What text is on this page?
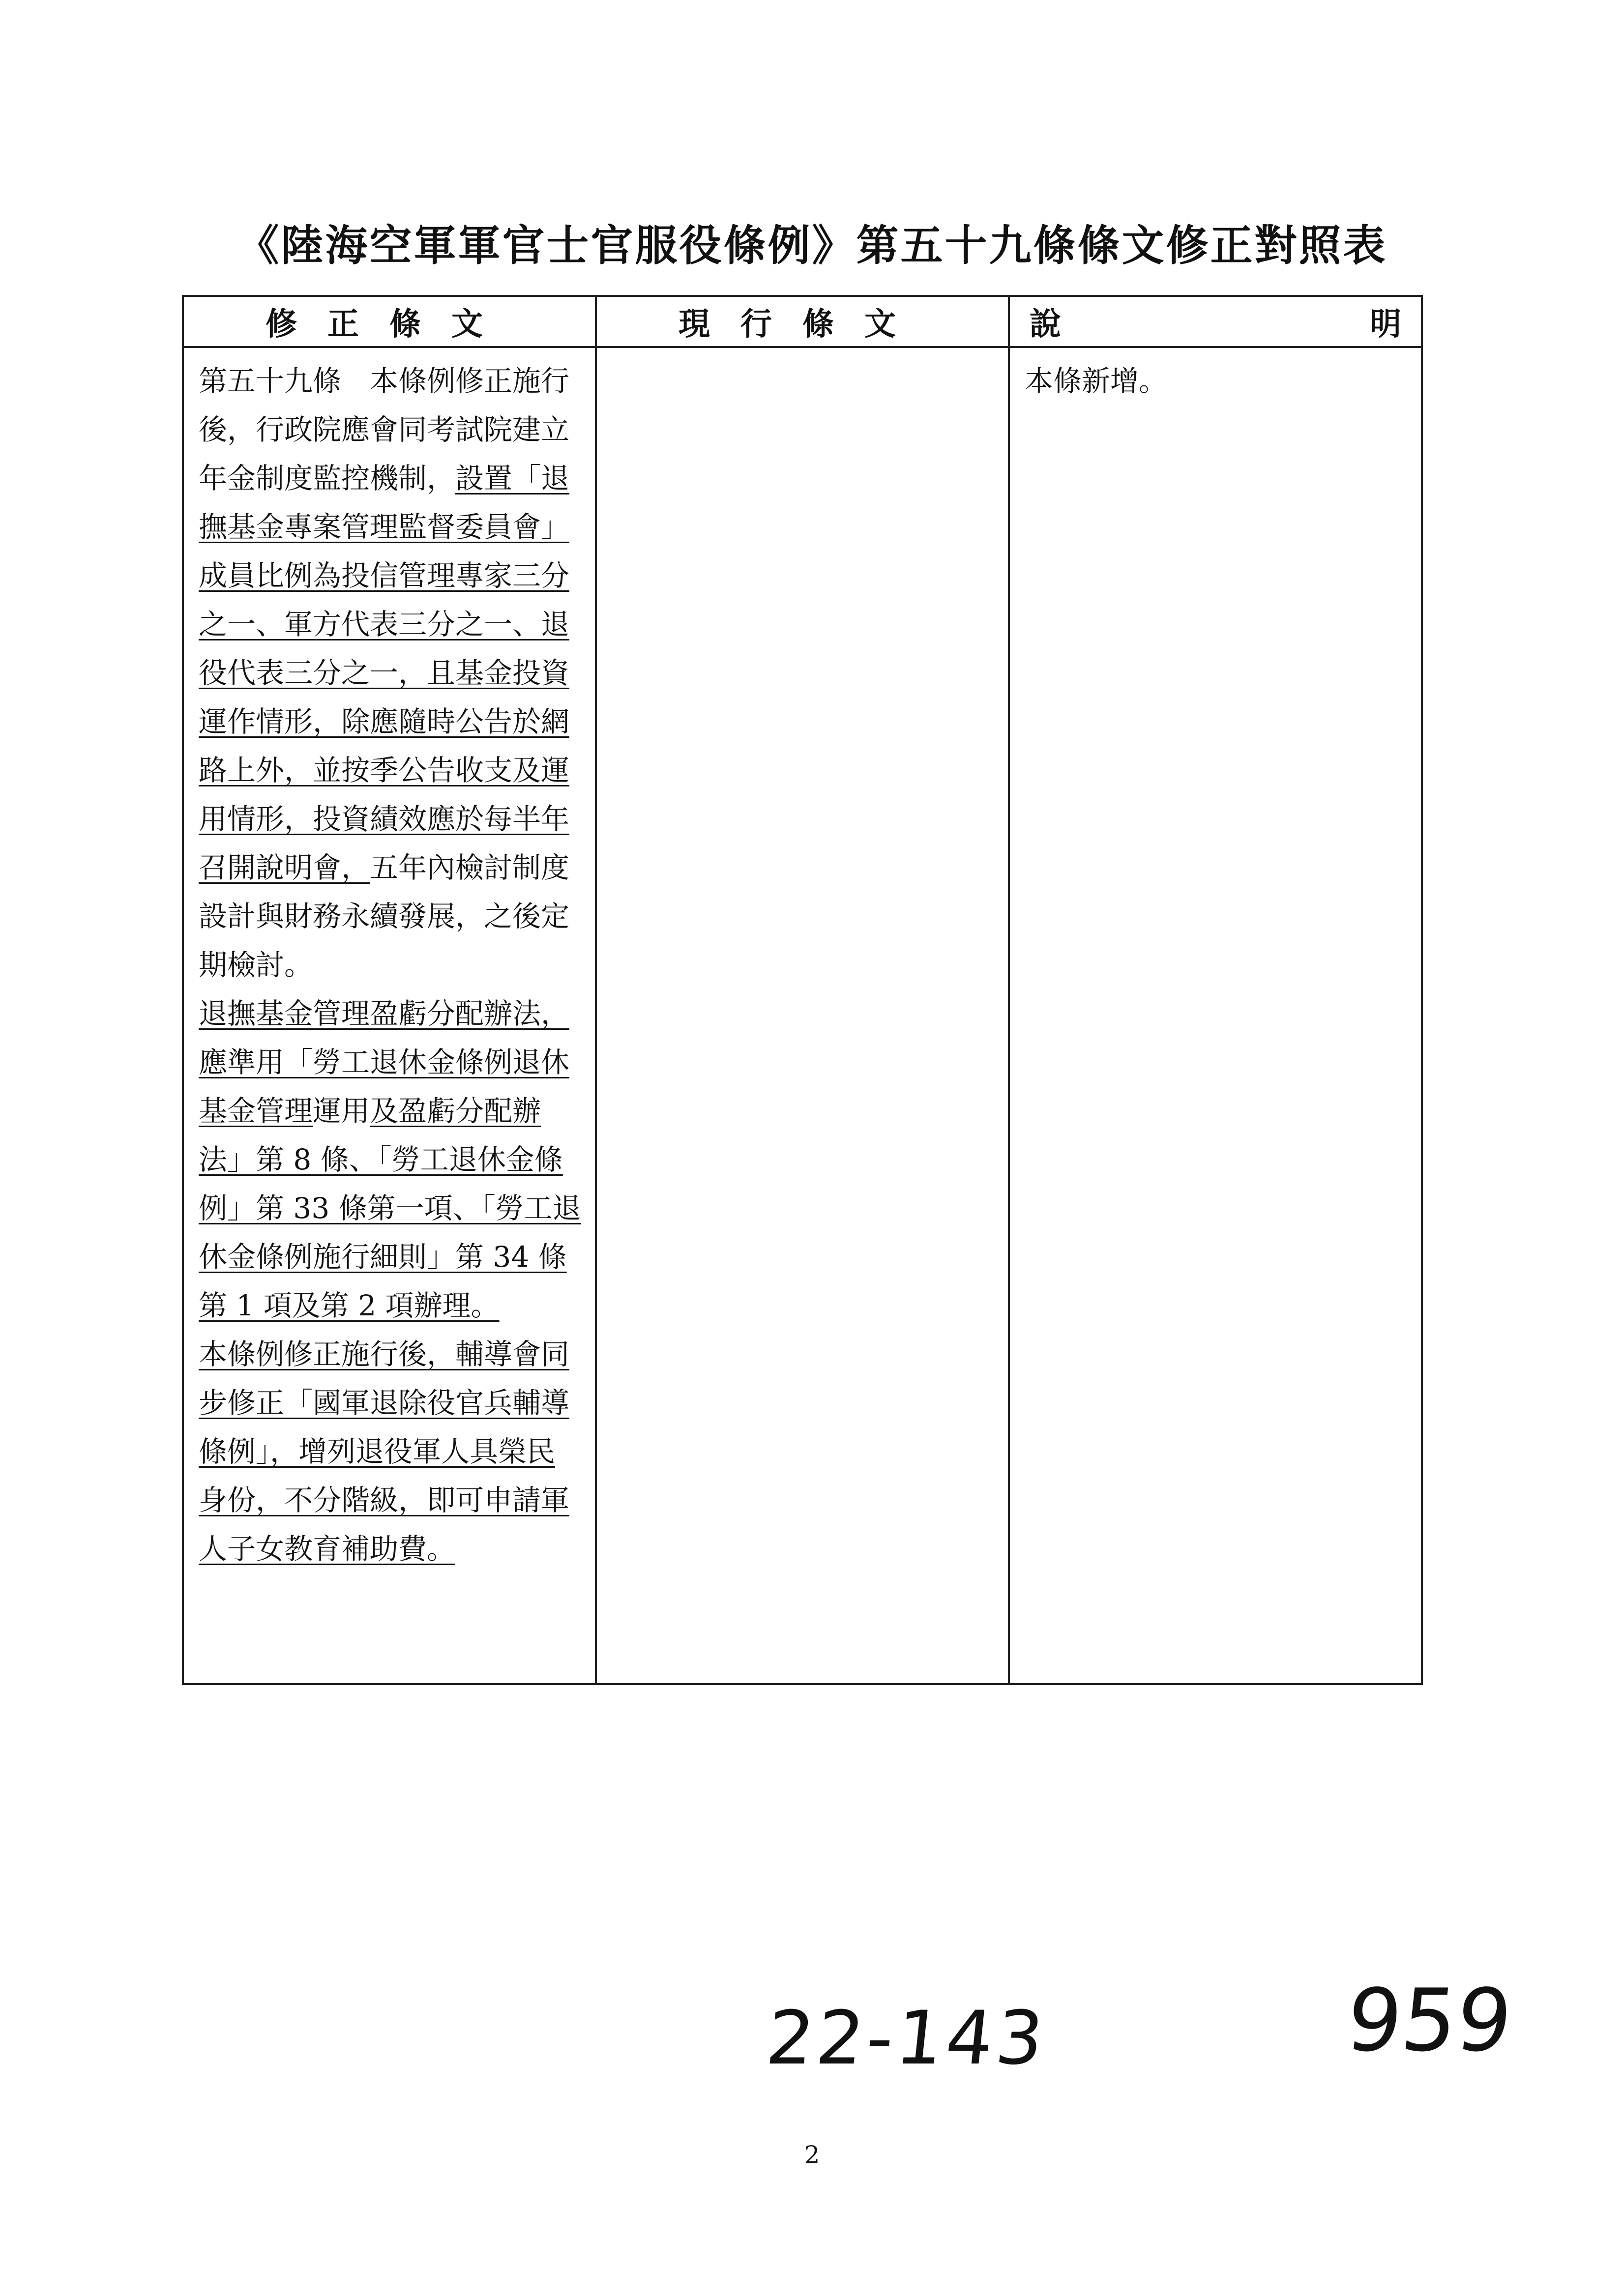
《陸海空軍軍官士官服役條例》第五十九條條文修正對照表
修正條文	現行條文	說 明

第五十九條　本條例修正施行後，行政院應會同考試院建立年金制度監控機制，設置「退撫基金專案管理監督委員會」成員比例為投信管理專家三分之一、軍方代表三分之一、退役代表三分之一，且基金投資運作情形，除應隨時公告於網路上外，並按季公告收支及運用情形，投資績效應於每半年召開說明會，五年內檢討制度設計與財務永續發展，之後定期檢討。

退撫基金管理盈虧分配辦法，應準用「勞工退休金條例退休基金管理運用及盈虧分配辦法」第 8 條、「勞工退休金條例」第 33 條第一項、「勞工退休金條例施行細則」第 34 條第 1 項及第 2 項辦理。

本條例修正施行後，輔導會同步修正「國軍退除役官兵輔導條例」，增列退役軍人具榮民身份，不分階級，即可申請軍人子女教育補助費。		本條新增。
22-143	959
2
